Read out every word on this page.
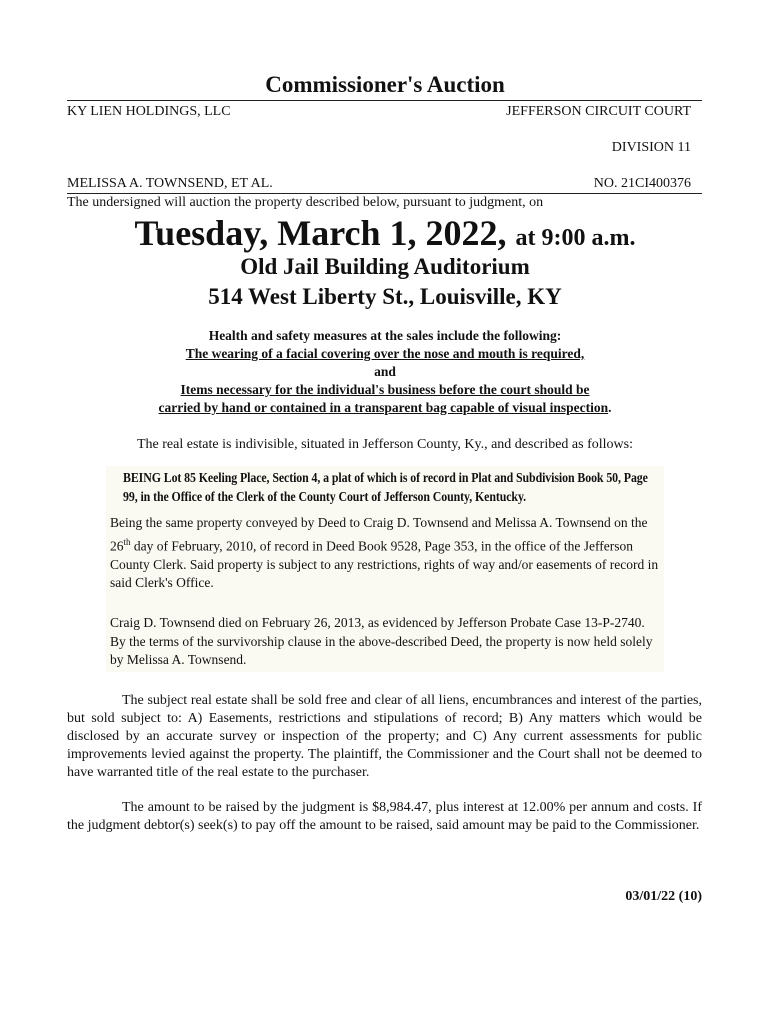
Commissioner's Auction
KY LIEN HOLDINGS, LLC	JEFFERSON CIRCUIT COURT
DIVISION 11
MELISSA A. TOWNSEND, ET AL.	NO. 21CI400376
The undersigned will auction the property described below, pursuant to judgment, on
Tuesday, March 1, 2022, at 9:00 a.m.
Old Jail Building Auditorium
514 West Liberty St., Louisville, KY
Health and safety measures at the sales include the following:
The wearing of a facial covering over the nose and mouth is required,
and
Items necessary for the individual's business before the court should be
carried by hand or contained in a transparent bag capable of visual inspection.
The real estate is indivisible, situated in Jefferson County, Ky., and described as follows:
BEING Lot 85 Keeling Place, Section 4, a plat of which is of record in Plat and Subdivision Book 50, Page 99, in the Office of the Clerk of the County Court of Jefferson County, Kentucky.
Being the same property conveyed by Deed to Craig D. Townsend and Melissa A. Townsend on the 26th day of February, 2010, of record in Deed Book 9528, Page 353, in the office of the Jefferson County Clerk. Said property is subject to any restrictions, rights of way and/or easements of record in said Clerk's Office.
Craig D. Townsend died on February 26, 2013, as evidenced by Jefferson Probate Case 13-P-2740. By the terms of the survivorship clause in the above-described Deed, the property is now held solely by Melissa A. Townsend.
The subject real estate shall be sold free and clear of all liens, encumbrances and interest of the parties, but sold subject to: A) Easements, restrictions and stipulations of record; B) Any matters which would be disclosed by an accurate survey or inspection of the property; and C) Any current assessments for public improvements levied against the property. The plaintiff, the Commissioner and the Court shall not be deemed to have warranted title of the real estate to the purchaser.
The amount to be raised by the judgment is $8,984.47, plus interest at 12.00% per annum and costs. If the judgment debtor(s) seek(s) to pay off the amount to be raised, said amount may be paid to the Commissioner.
03/01/22 (10)
